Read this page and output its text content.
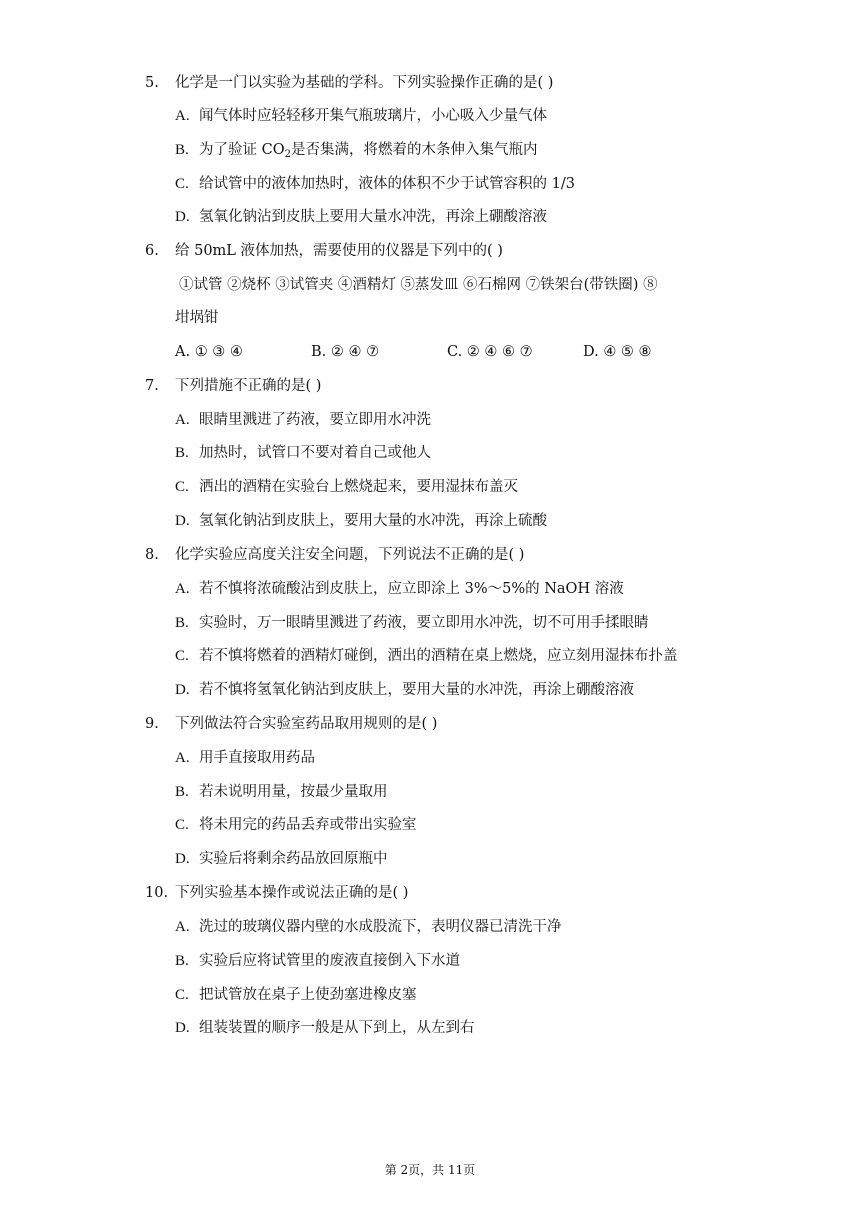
5. 化学是一门以实验为基础的学科。下列实验操作正确的是( )
A. 闻气体时应轻轻移开集气瓶玻璃片，小心吸入少量气体
B. 为了验证 $CO_2$是否集满，将燃着的木条伸入集气瓶内
C. 给试管中的液体加热时，液体的体积不少于试管容积的 1/3
D. 氢氧化钠沾到皮肤上要用大量水冲洗，再涂上硼酸溶液
6. 给 50mL 液体加热，需要使用的仪器是下列中的( )
①试管 ②烧杯 ③试管夹 ④酒精灯 ⑤蒸发皿 ⑥石棉网 ⑦铁架台(带铁圈) ⑧
坩埚钳
A. ① ③ ④	B. ② ④ ⑦	C. ② ④ ⑥ ⑦	D. ④ ⑤ ⑧
7. 下列措施不正确的是( )
A. 眼睛里溅进了药液，要立即用水冲洗
B. 加热时，试管口不要对着自己或他人
C. 洒出的酒精在实验台上燃烧起来，要用湿抹布盖灭
D. 氢氧化钠沾到皮肤上，要用大量的水冲洗，再涂上硫酸
8. 化学实验应高度关注安全问题，下列说法不正确的是( )
A. 若不慎将浓硫酸沾到皮肤上，应立即涂上 3%～5%的 NaOH 溶液
B. 实验时，万一眼睛里溅进了药液，要立即用水冲洗，切不可用手揉眼睛
C. 若不慎将燃着的酒精灯碰倒，洒出的酒精在桌上燃烧，应立刻用湿抹布扑盖
D. 若不慎将氢氧化钠沾到皮肤上，要用大量的水冲洗，再涂上硼酸溶液
9. 下列做法符合实验室药品取用规则的是( )
A. 用手直接取用药品
B. 若未说明用量，按最少量取用
C. 将未用完的药品丢弃或带出实验室
D. 实验后将剩余药品放回原瓶中
10. 下列实验基本操作或说法正确的是( )
A. 洗过的玻璃仪器内壁的水成股流下，表明仪器已清洗干净
B. 实验后应将试管里的废液直接倒入下水道
C. 把试管放在桌子上使劲塞进橡皮塞
D. 组装装置的顺序一般是从下到上，从左到右
第 2页，共 11页
